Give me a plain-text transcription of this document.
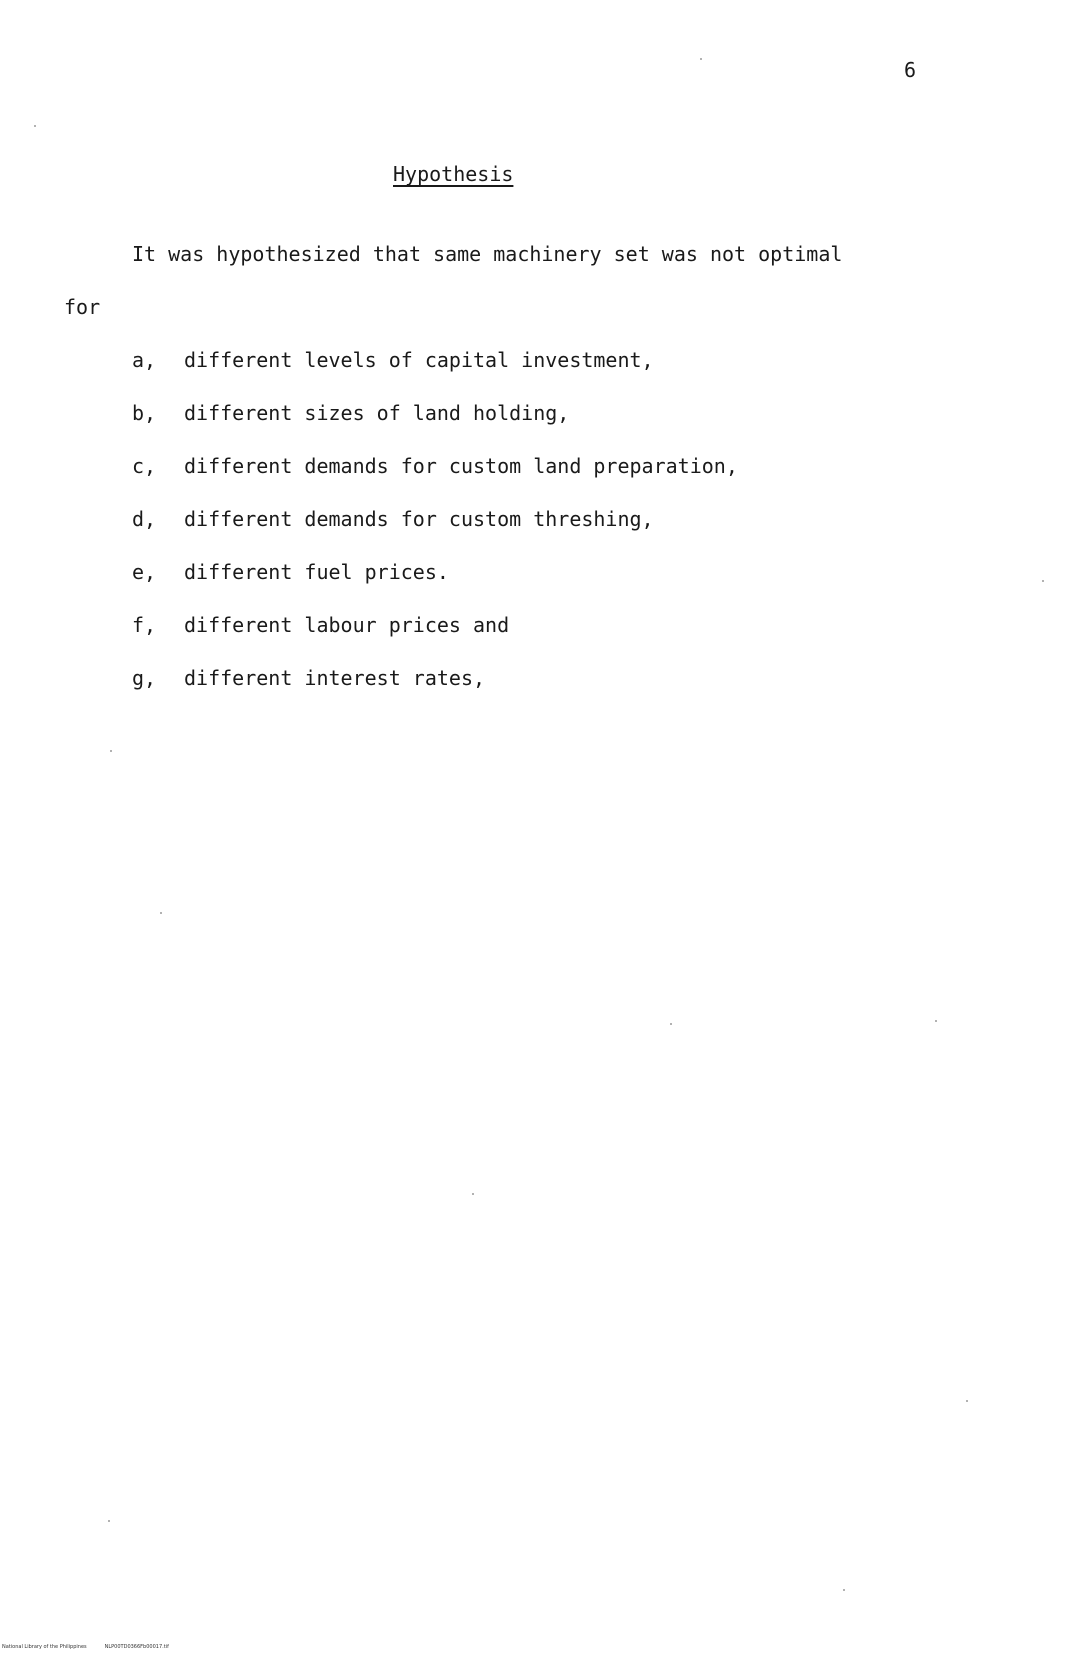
6
Hypothesis
It was hypothesized that same machinery set was not optimal
for
a, different levels of capital investment,
b, different sizes of land holding,
c, different demands for custom land preparation,
d, different demands for custom threshing,
e, different fuel prices.
f, different labour prices and
g, different interest rates,
National Library of the Philippines	NLP00TD0366Fb00017.tif
